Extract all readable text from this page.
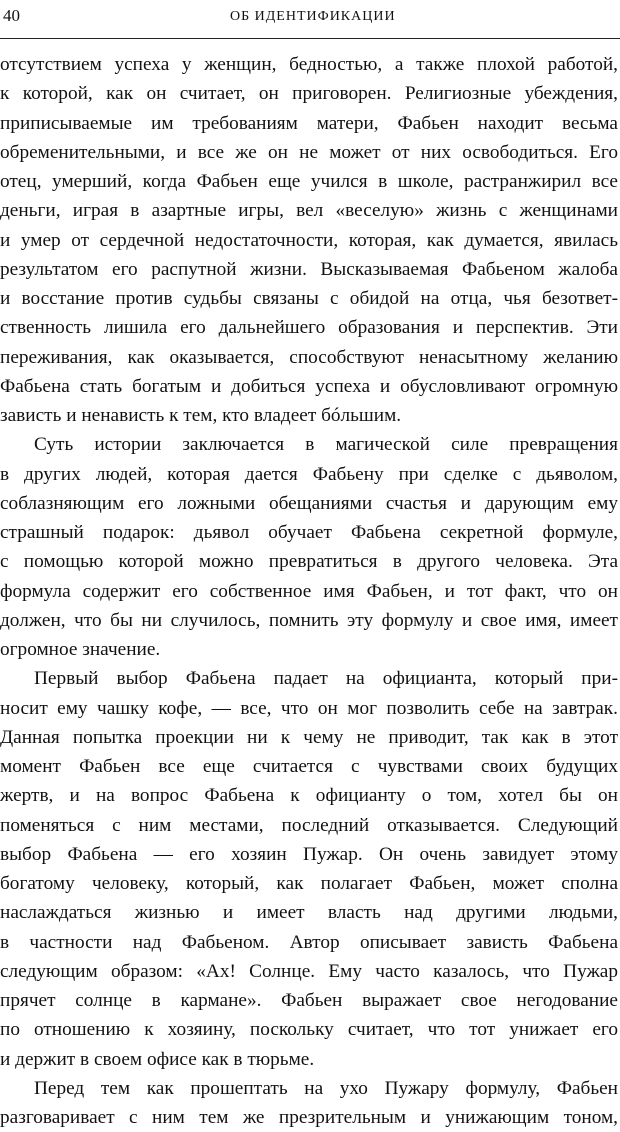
40	ОБ ИДЕНТИФИКАЦИИ
отсутствием успеха у женщин, бедностью, а также плохой работой,
к которой, как он считает, он приговорен. Религиозные убеждения,
приписываемые им требованиям матери, Фабьен находит весьма
обременительными, и все же он не может от них освободиться. Его
отец, умерший, когда Фабьен еще учился в школе, растранжирил все
деньги, играя в азартные игры, вел «веселую» жизнь с женщинами
и умер от сердечной недостаточности, которая, как думается, явилась
результатом его распутной жизни. Высказываемая Фабьеном жалоба
и восстание против судьбы связаны с обидой на отца, чья безответ-
ственность лишила его дальнейшего образования и перспектив. Эти
переживания, как оказывается, способствуют ненасытному желанию
Фабьена стать богатым и добиться успеха и обусловливают огромную
зависть и ненависть к тем, кто владеет бóльшим.
Суть истории заключается в магической силе превращения
в других людей, которая дается Фабьену при сделке с дьяволом,
соблазняющим его ложными обещаниями счастья и дарующим ему
страшный подарок: дьявол обучает Фабьена секретной формуле,
с помощью которой можно превратиться в другого человека. Эта
формула содержит его собственное имя Фабьен, и тот факт, что он
должен, что бы ни случилось, помнить эту формулу и свое имя, имеет
огромное значение.
Первый выбор Фабьена падает на официанта, который при-
носит ему чашку кофе, — все, что он мог позволить себе на завтрак.
Данная попытка проекции ни к чему не приводит, так как в этот
момент Фабьен все еще считается с чувствами своих будущих
жертв, и на вопрос Фабьена к официанту о том, хотел бы он
поменяться с ним местами, последний отказывается. Следующий
выбор Фабьена — его хозяин Пужар. Он очень завидует этому
богатому человеку, который, как полагает Фабьен, может сполна
наслаждаться жизнью и имеет власть над другими людьми,
в частности над Фабьеном. Автор описывает зависть Фабьена
следующим образом: «Ах! Солнце. Ему часто казалось, что Пужар
прячет солнце в кармане». Фабьен выражает свое негодование
по отношению к хозяину, поскольку считает, что тот унижает его
и держит в своем офисе как в тюрьме.
Перед тем как прошептать на ухо Пужару формулу, Фабьен
разговаривает с ним тем же презрительным и унижающим тоном,
